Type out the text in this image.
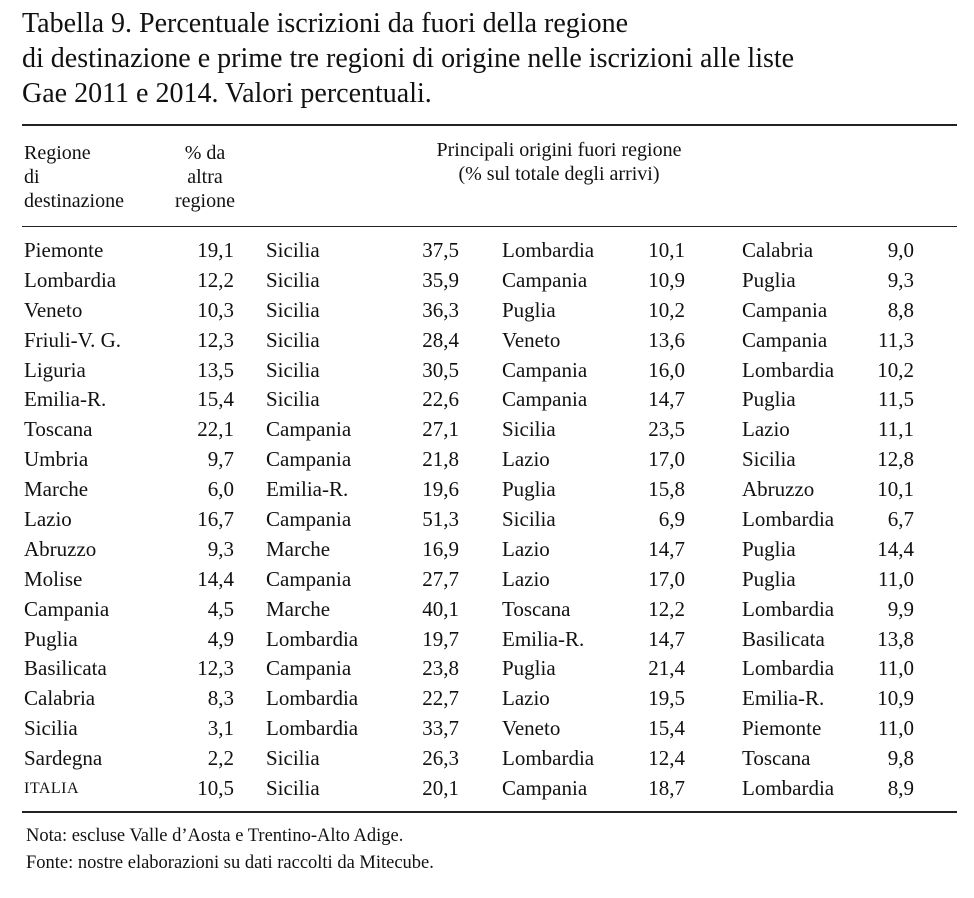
Tabella 9. Percentuale iscrizioni da fuori della regione
di destinazione e prime tre regioni di origine nelle iscrizioni alle liste
Gae 2011 e 2014. Valori percentuali.
Regione
di
destinazione
% da
altra
regione
Principali origini fuori regione
(% sul totale degli arrivi)
Piemonte	19,1 Sicilia	37,5 Lombardia	10,1	Calabria	9,0
Lombardia	12,2 Sicilia	35,9 Campania	10,9	Puglia	9,3
Veneto	10,3 Sicilia	36,3 Puglia	10,2	Campania	8,8
Friuli-V. G.	12,3 Sicilia	28,4 Veneto	13,6	Campania 11,3
Liguria	13,5 Sicilia	30,5 Campania	16,0	Lombardia 10,2
Emilia-R.	15,4 Sicilia	22,6 Campania	14,7	Puglia	11,5
Toscana	22,1 Campania	27,1 Sicilia	23,5	Lazio	11,1
Umbria	9,7 Campania	21,8 Lazio	17,0	Sicilia	12,8
Marche	6,0 Emilia-R.	19,6 Puglia	15,8	Abruzzo	10,1
Lazio	16,7 Campania	51,3 Sicilia	6,9	Lombardia	6,7
Abruzzo	9,3 Marche	16,9 Lazio	14,7	Puglia	14,4
Molise	14,4 Campania	27,7 Lazio	17,0	Puglia	11,0
Campania	4,5 Marche	40,1 Toscana	12,2	Lombardia	9,9
Puglia	4,9 Lombardia	19,7 Emilia-R.	14,7	Basilicata 13,8
Basilicata	12,3 Campania	23,8 Puglia	21,4	Lombardia 11,0
Calabria	8,3 Lombardia	22,7 Lazio	19,5	Emilia-R.	10,9
Sicilia	3,1 Lombardia	33,7 Veneto	15,4	Piemonte	11,0
Sardegna	2,2 Sicilia	26,3 Lombardia	12,4	Toscana	9,8
ITALIA	10,5 Sicilia	20,1 Campania	18,7	Lombardia	8,9
Nota: escluse Valle d’Aosta e Trentino-Alto Adige.
Fonte: nostre elaborazioni su dati raccolti da Mitecube.
